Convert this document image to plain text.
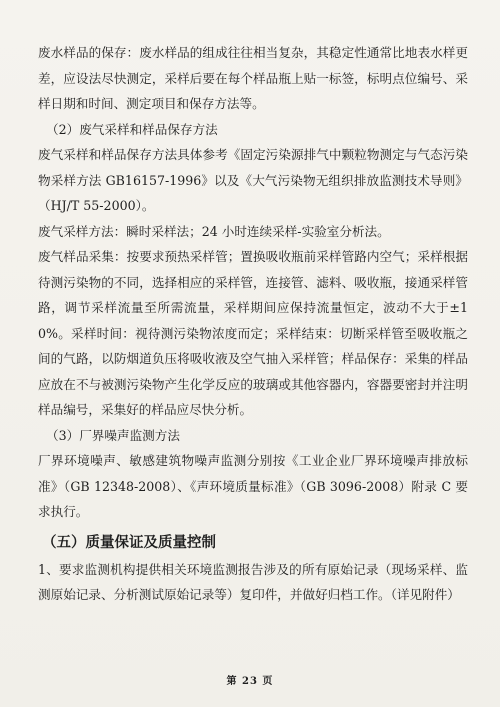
废水样品的保存：废水样品的组成往往相当复杂，其稳定性通常比地表水样更差，应设法尽快测定，采样后要在每个样品瓶上贴一标签，标明点位编号、采样日期和时间、测定项目和保存方法等。

（2）废气采样和样品保存方法

废气采样和样品保存方法具体参考《固定污染源排气中颗粒物测定与气态污染物采样方法 GB16157-1996》以及《大气污染物无组织排放监测技术导则》（HJ/T 55-2000）。

废气采样方法：瞬时采样法；24 小时连续采样-实验室分析法。

废气样品采集：按要求预热采样管；置换吸收瓶前采样管路内空气；采样根据待测污染物的不同，选择相应的采样管，连接管、滤料、吸收瓶，接通采样管路，调节采样流量至所需流量，采样期间应保持流量恒定，波动不大于±10%。采样时间：视待测污染物浓度而定；采样结束：切断采样管至吸收瓶之间的气路，以防烟道负压将吸收液及空气抽入采样管；样品保存：采集的样品应放在不与被测污染物产生化学反应的玻璃或其他容器内，容器要密封并注明样品编号，采集好的样品应尽快分析。

（3）厂界噪声监测方法

厂界环境噪声、敏感建筑物噪声监测分别按《工业企业厂界环境噪声排放标准》（GB 12348-2008）、《声环境质量标准》（GB 3096-2008）附录 C 要求执行。

（五）质量保证及质量控制

1、要求监测机构提供相关环境监测报告涉及的所有原始记录（现场采样、监测原始记录、分析测试原始记录等）复印件，并做好归档工作。（详见附件）

第 23 页
